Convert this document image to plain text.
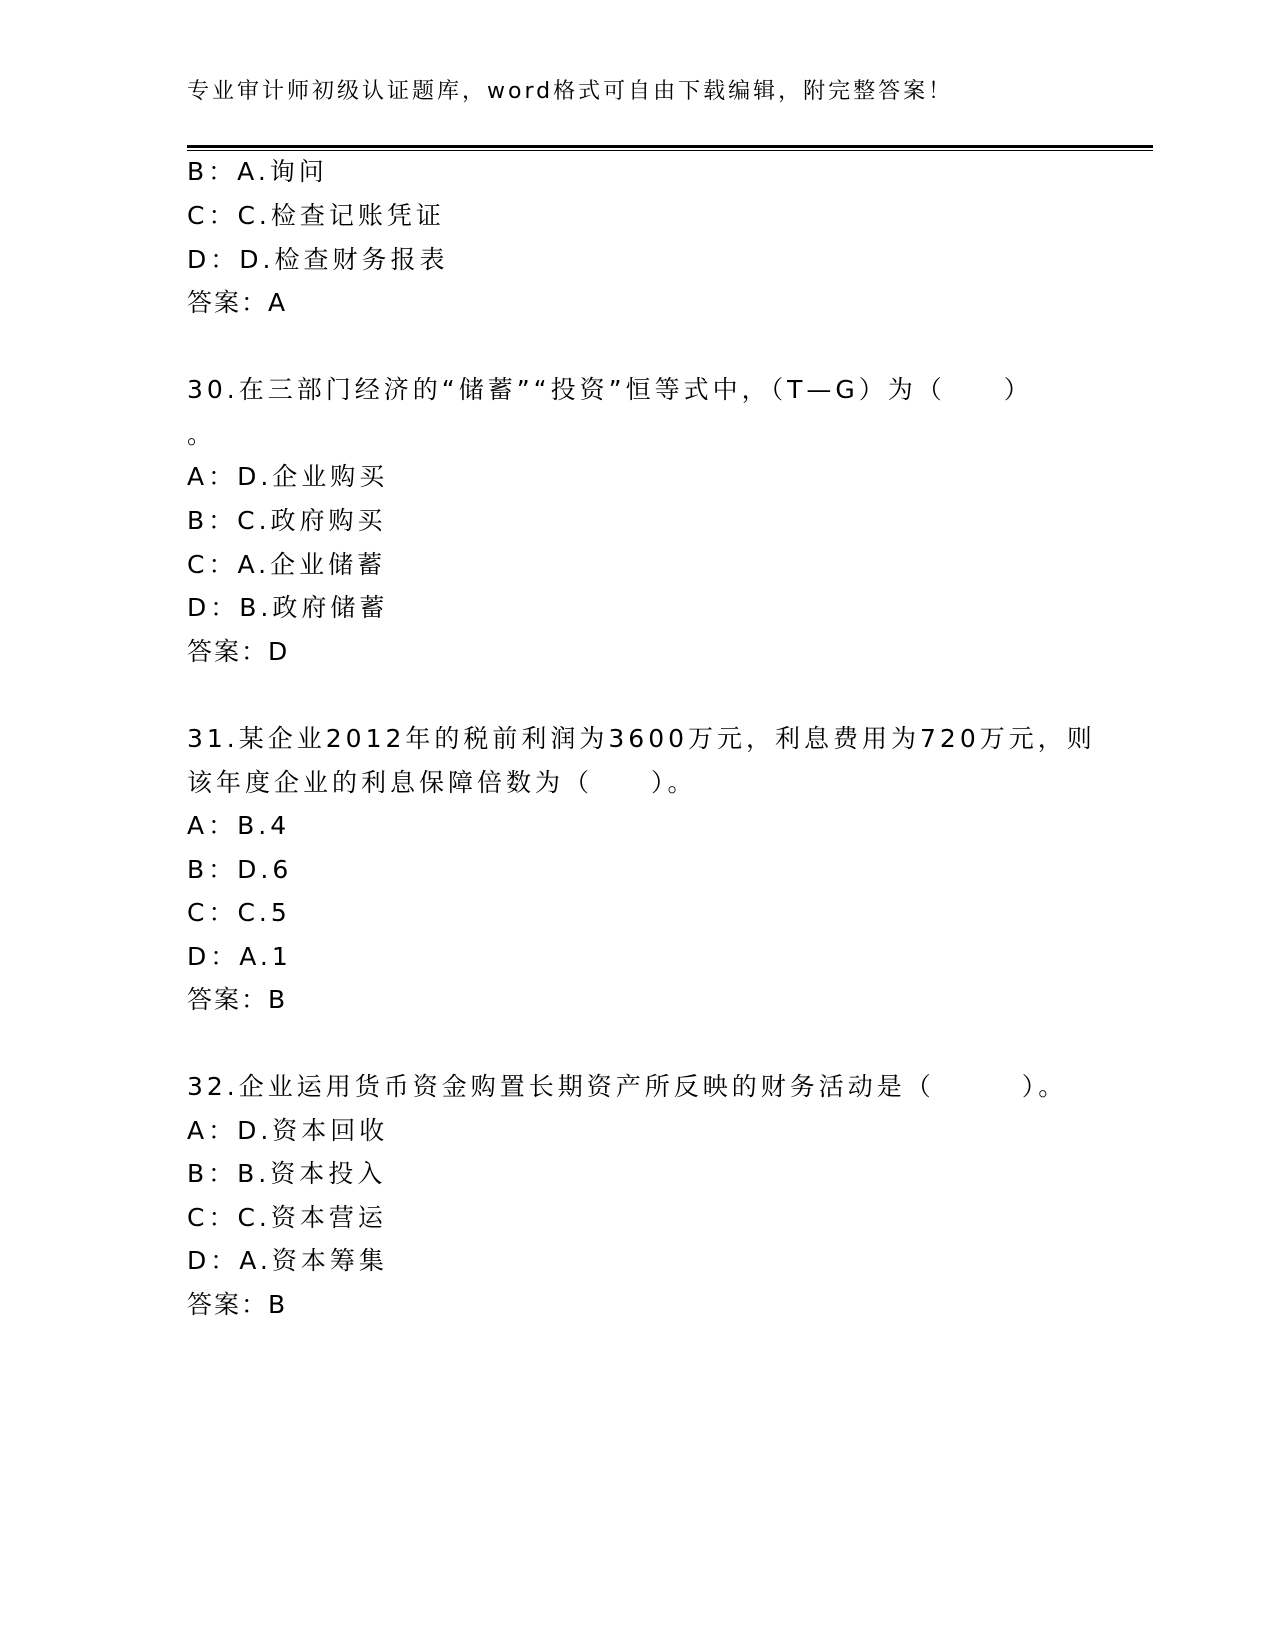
专业审计师初级认证题库，word格式可自由下载编辑，附完整答案！
B：A.询问
C：C.检查记账凭证
D：D.检查财务报表
答案：A
30.在三部门经济的“储蓄”“投资”恒等式中，（T—G）为（　　）
。
A：D.企业购买
B：C.政府购买
C：A.企业储蓄
D：B.政府储蓄
答案：D
31.某企业2012年的税前利润为3600万元，利息费用为720万元，则
该年度企业的利息保障倍数为（　　）。
A：B.4
B：D.6
C：C.5
D：A.1
答案：B
32.企业运用货币资金购置长期资产所反映的财务活动是（　　　）。
A：D.资本回收
B：B.资本投入
C：C.资本营运
D：A.资本筹集
答案：B
